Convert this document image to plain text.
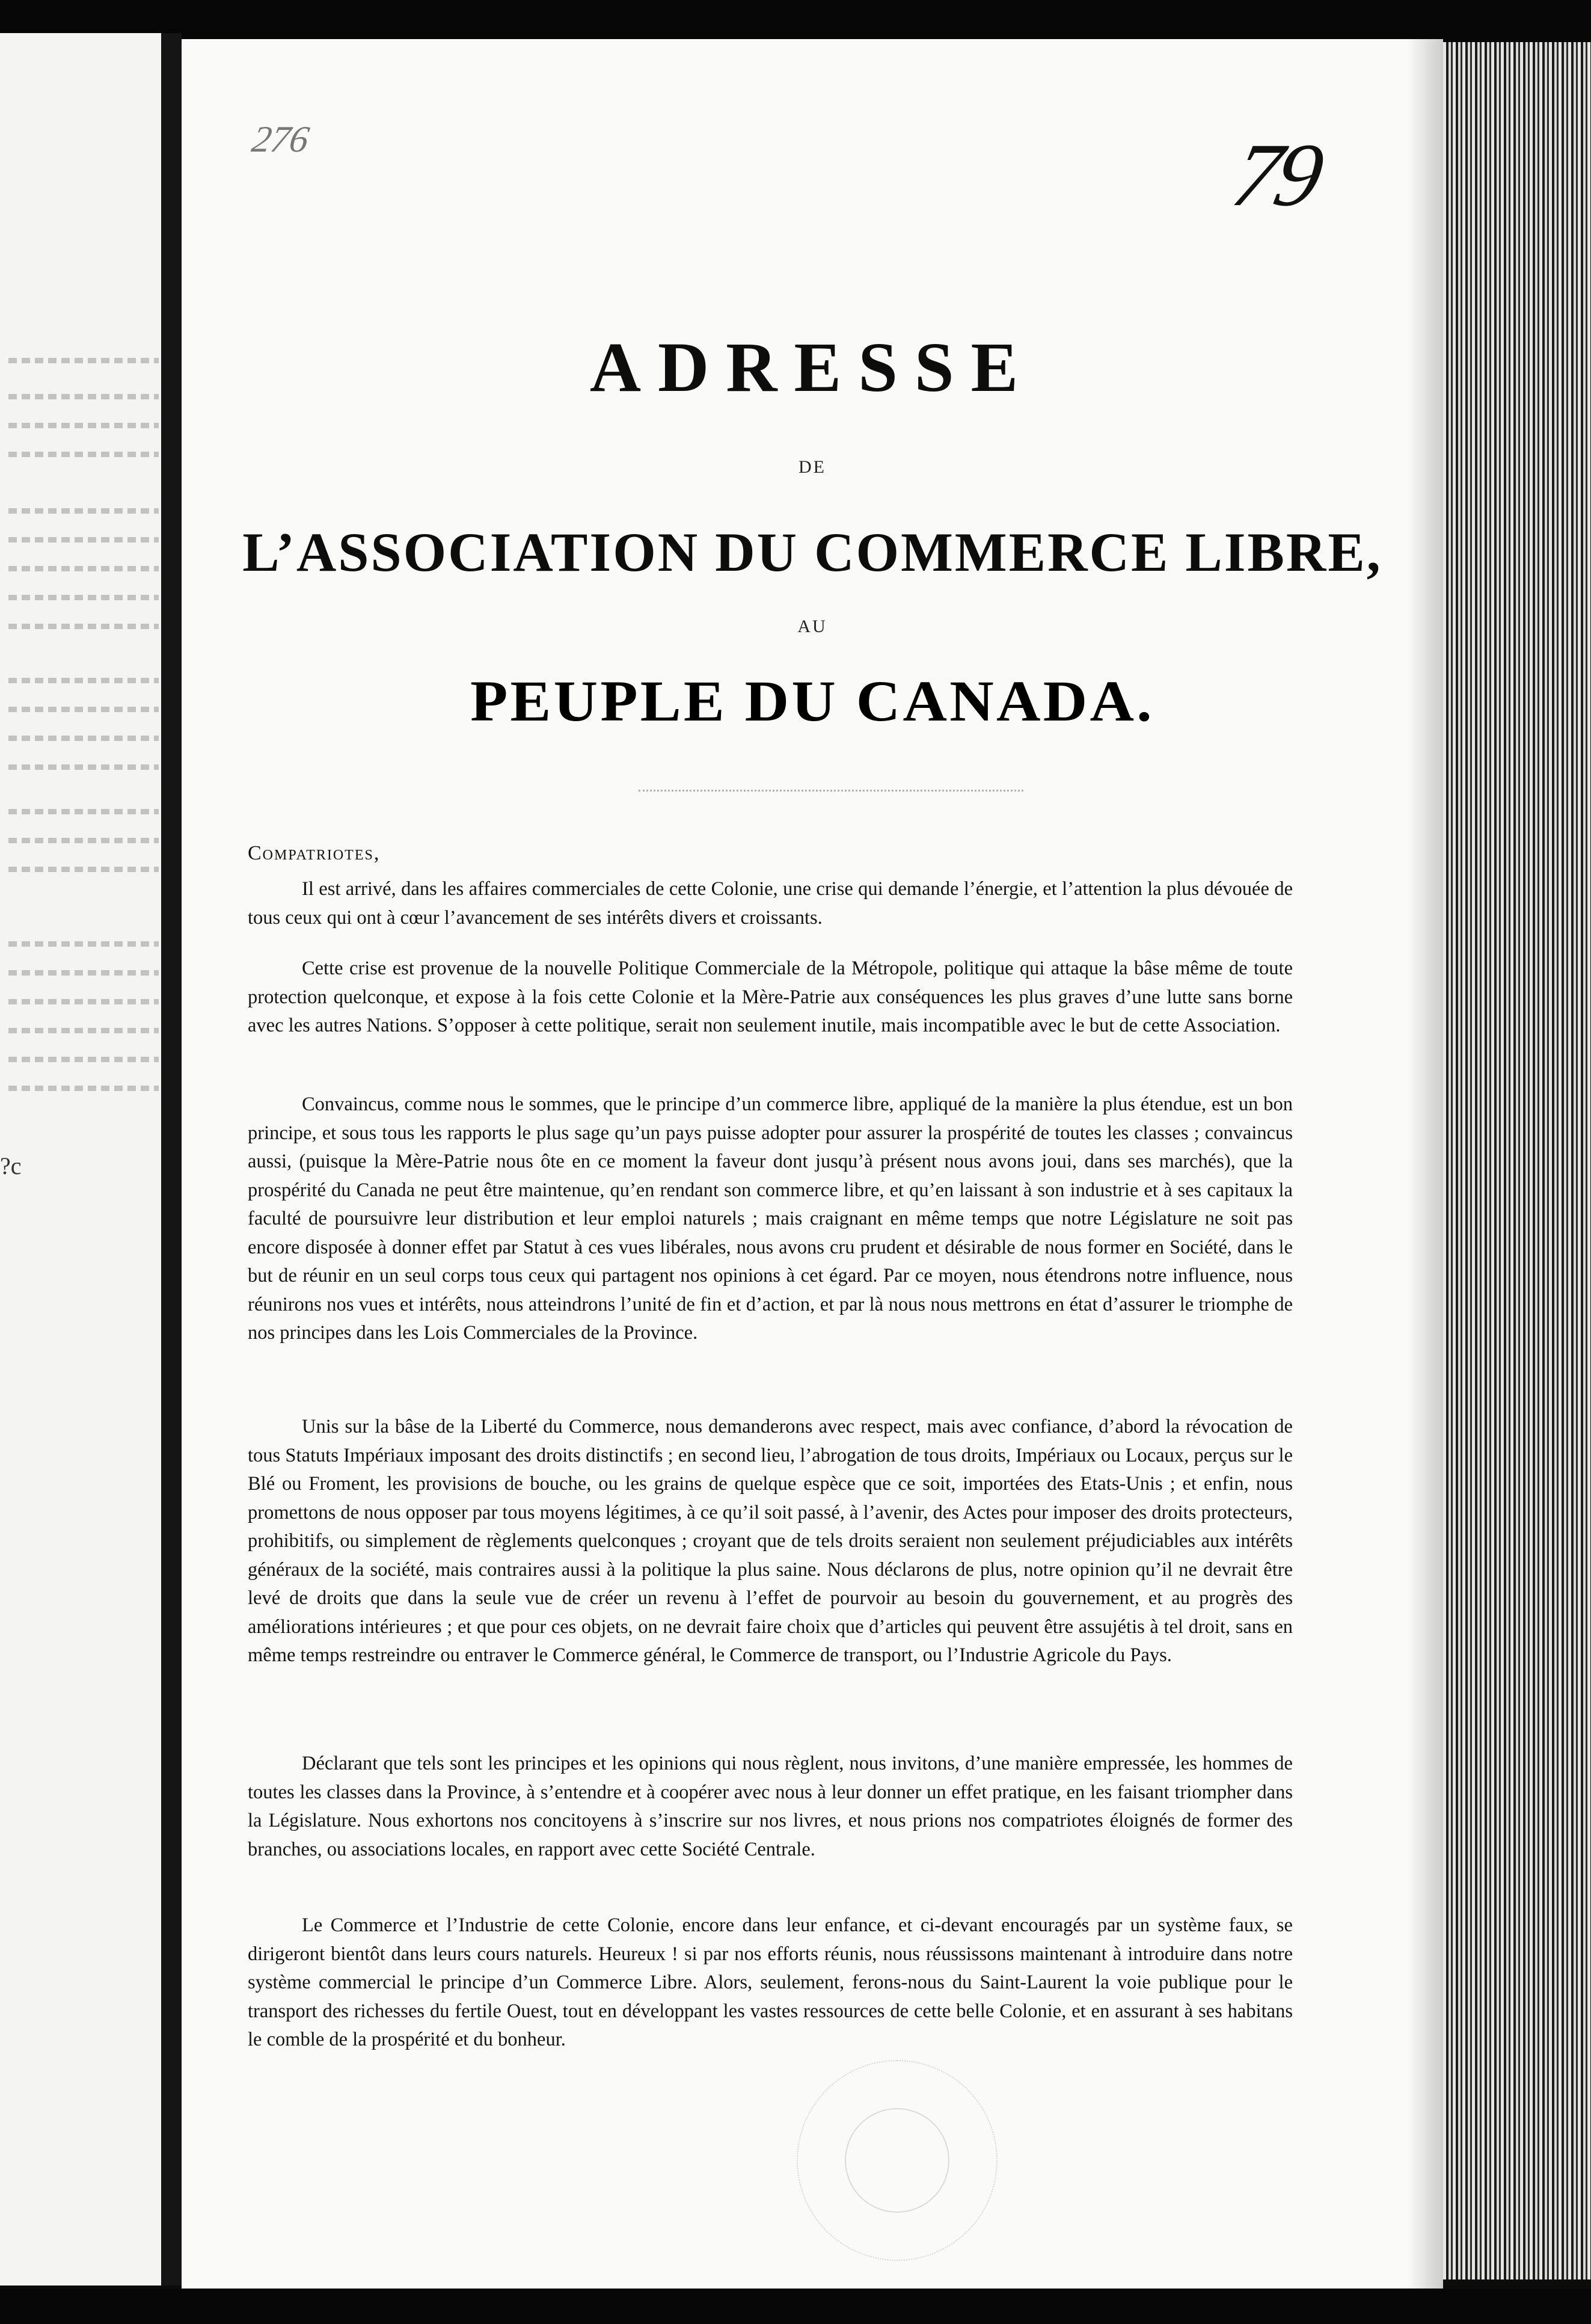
?c
276	79
ADRESSE
DE
L’ASSOCIATION DU COMMERCE LIBRE,
AU
PEUPLE DU CANADA.
Compatriotes,

Il est arrivé, dans les affaires commerciales de cette Colonie, une crise qui demande l’énergie, et l’attention la plus dévouée de tous ceux qui ont à cœur l’avancement de ses intérêts divers et croissants.

Cette crise est provenue de la nouvelle Politique Commerciale de la Métropole, politique qui attaque la bâse même de toute protection quelconque, et expose à la fois cette Colonie et la Mère-Patrie aux conséquences les plus graves d’une lutte sans borne avec les autres Nations. S’opposer à cette politique, serait non seulement inutile, mais incompatible avec le but de cette Association.

Convaincus, comme nous le sommes, que le principe d’un commerce libre, appliqué de la manière la plus étendue, est un bon principe, et sous tous les rapports le plus sage qu’un pays puisse adopter pour assurer la prospérité de toutes les classes ; convaincus aussi, (puisque la Mère-Patrie nous ôte en ce moment la faveur dont jusqu’à présent nous avons joui, dans ses marchés), que la prospérité du Canada ne peut être maintenue, qu’en rendant son commerce libre, et qu’en laissant à son industrie et à ses capitaux la faculté de poursuivre leur distribution et leur emploi naturels ; mais craignant en même temps que notre Législature ne soit pas encore disposée à donner effet par Statut à ces vues libérales, nous avons cru prudent et désirable de nous former en Société, dans le but de réunir en un seul corps tous ceux qui partagent nos opinions à cet égard. Par ce moyen, nous étendrons notre influence, nous réunirons nos vues et intérêts, nous atteindrons l’unité de fin et d’action, et par là nous nous mettrons en état d’assurer le triomphe de nos principes dans les Lois Commerciales de la Province.

Unis sur la bâse de la Liberté du Commerce, nous demanderons avec respect, mais avec confiance, d’abord la révocation de tous Statuts Impériaux imposant des droits distinctifs ; en second lieu, l’abrogation de tous droits, Impériaux ou Locaux, perçus sur le Blé ou Froment, les provisions de bouche, ou les grains de quelque espèce que ce soit, importées des Etats-Unis ; et enfin, nous promettons de nous opposer par tous moyens légitimes, à ce qu’il soit passé, à l’avenir, des Actes pour imposer des droits protecteurs, prohibitifs, ou simplement de règlements quelconques ; croyant que de tels droits seraient non seulement préjudiciables aux intérêts généraux de la société, mais contraires aussi à la politique la plus saine. Nous déclarons de plus, notre opinion qu’il ne devrait être levé de droits que dans la seule vue de créer un revenu à l’effet de pourvoir au besoin du gouvernement, et au progrès des améliorations intérieures ; et que pour ces objets, on ne devrait faire choix que d’articles qui peuvent être assujétis à tel droit, sans en même temps restreindre ou entraver le Commerce général, le Commerce de transport, ou l’Industrie Agricole du Pays.

Déclarant que tels sont les principes et les opinions qui nous règlent, nous invitons, d’une manière empressée, les hommes de toutes les classes dans la Province, à s’entendre et à coopérer avec nous à leur donner un effet pratique, en les faisant triompher dans la Législature. Nous exhortons nos concitoyens à s’inscrire sur nos livres, et nous prions nos compatriotes éloignés de former des branches, ou associations locales, en rapport avec cette Société Centrale.

Le Commerce et l’Industrie de cette Colonie, encore dans leur enfance, et ci-devant encouragés par un système faux, se dirigeront bientôt dans leurs cours naturels. Heureux ! si par nos efforts réunis, nous réussissons maintenant à introduire dans notre système commercial le principe d’un Commerce Libre. Alors, seulement, ferons-nous du Saint-Laurent la voie publique pour le transport des richesses du fertile Ouest, tout en développant les vastes ressources de cette belle Colonie, et en assurant à ses habitans le comble de la prospérité et du bonheur.
